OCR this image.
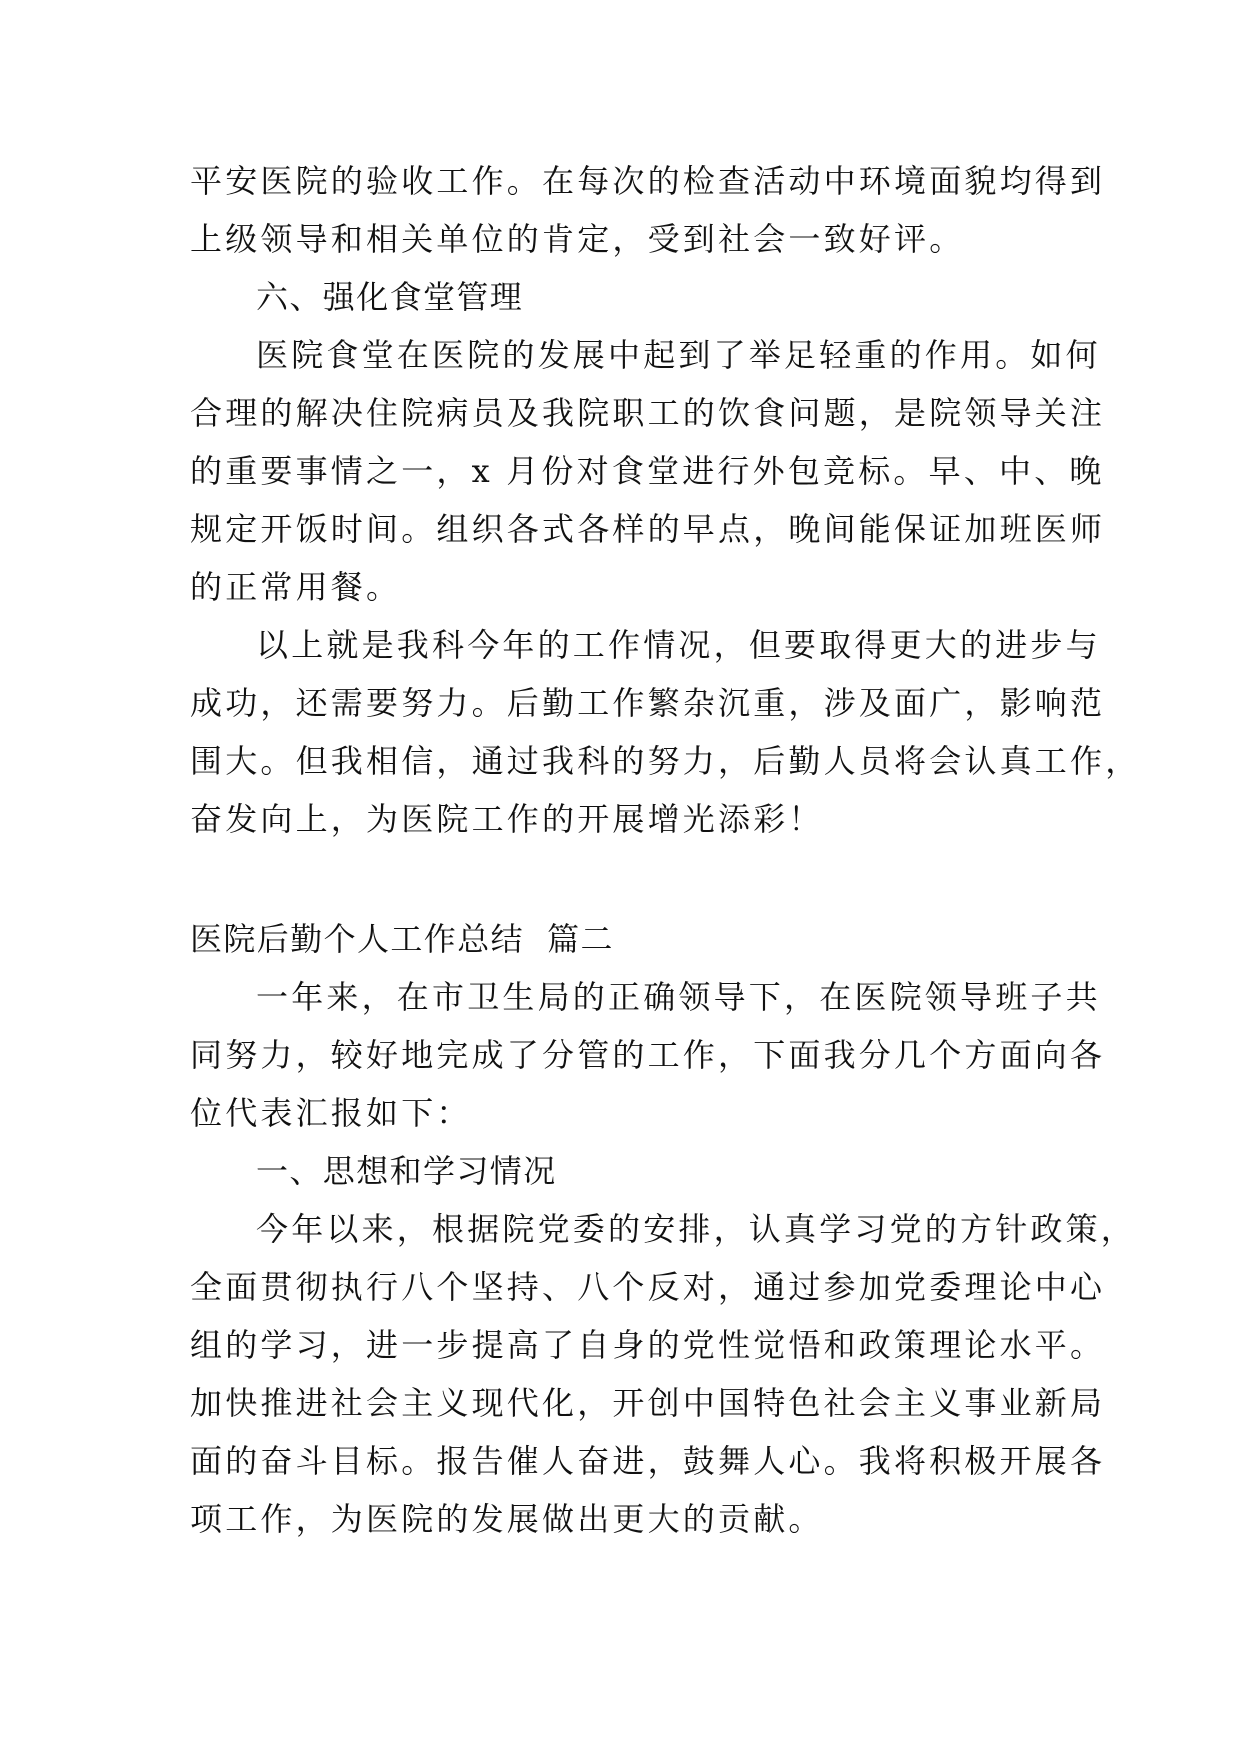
平安医院的验收工作。在每次的检查活动中环境面貌均得到
上级领导和相关单位的肯定，受到社会一致好评。
六、强化食堂管理
医院食堂在医院的发展中起到了举足轻重的作用。如何
合理的解决住院病员及我院职工的饮食问题，是院领导关注
的重要事情之一，x 月份对食堂进行外包竞标。早、中、晚
规定开饭时间。组织各式各样的早点，晚间能保证加班医师
的正常用餐。
以上就是我科今年的工作情况，但要取得更大的进步与
成功，还需要努力。后勤工作繁杂沉重，涉及面广，影响范
围大。但我相信，通过我科的努力，后勤人员将会认真工作，
奋发向上，为医院工作的开展增光添彩！
医院后勤个人工作总结  篇二
一年来，在市卫生局的正确领导下，在医院领导班子共
同努力，较好地完成了分管的工作，下面我分几个方面向各
位代表汇报如下：
一、思想和学习情况
今年以来，根据院党委的安排，认真学习党的方针政策，
全面贯彻执行八个坚持、八个反对，通过参加党委理论中心
组的学习，进一步提高了自身的党性觉悟和政策理论水平。
加快推进社会主义现代化，开创中国特色社会主义事业新局
面的奋斗目标。报告催人奋进，鼓舞人心。我将积极开展各
项工作，为医院的发展做出更大的贡献。
